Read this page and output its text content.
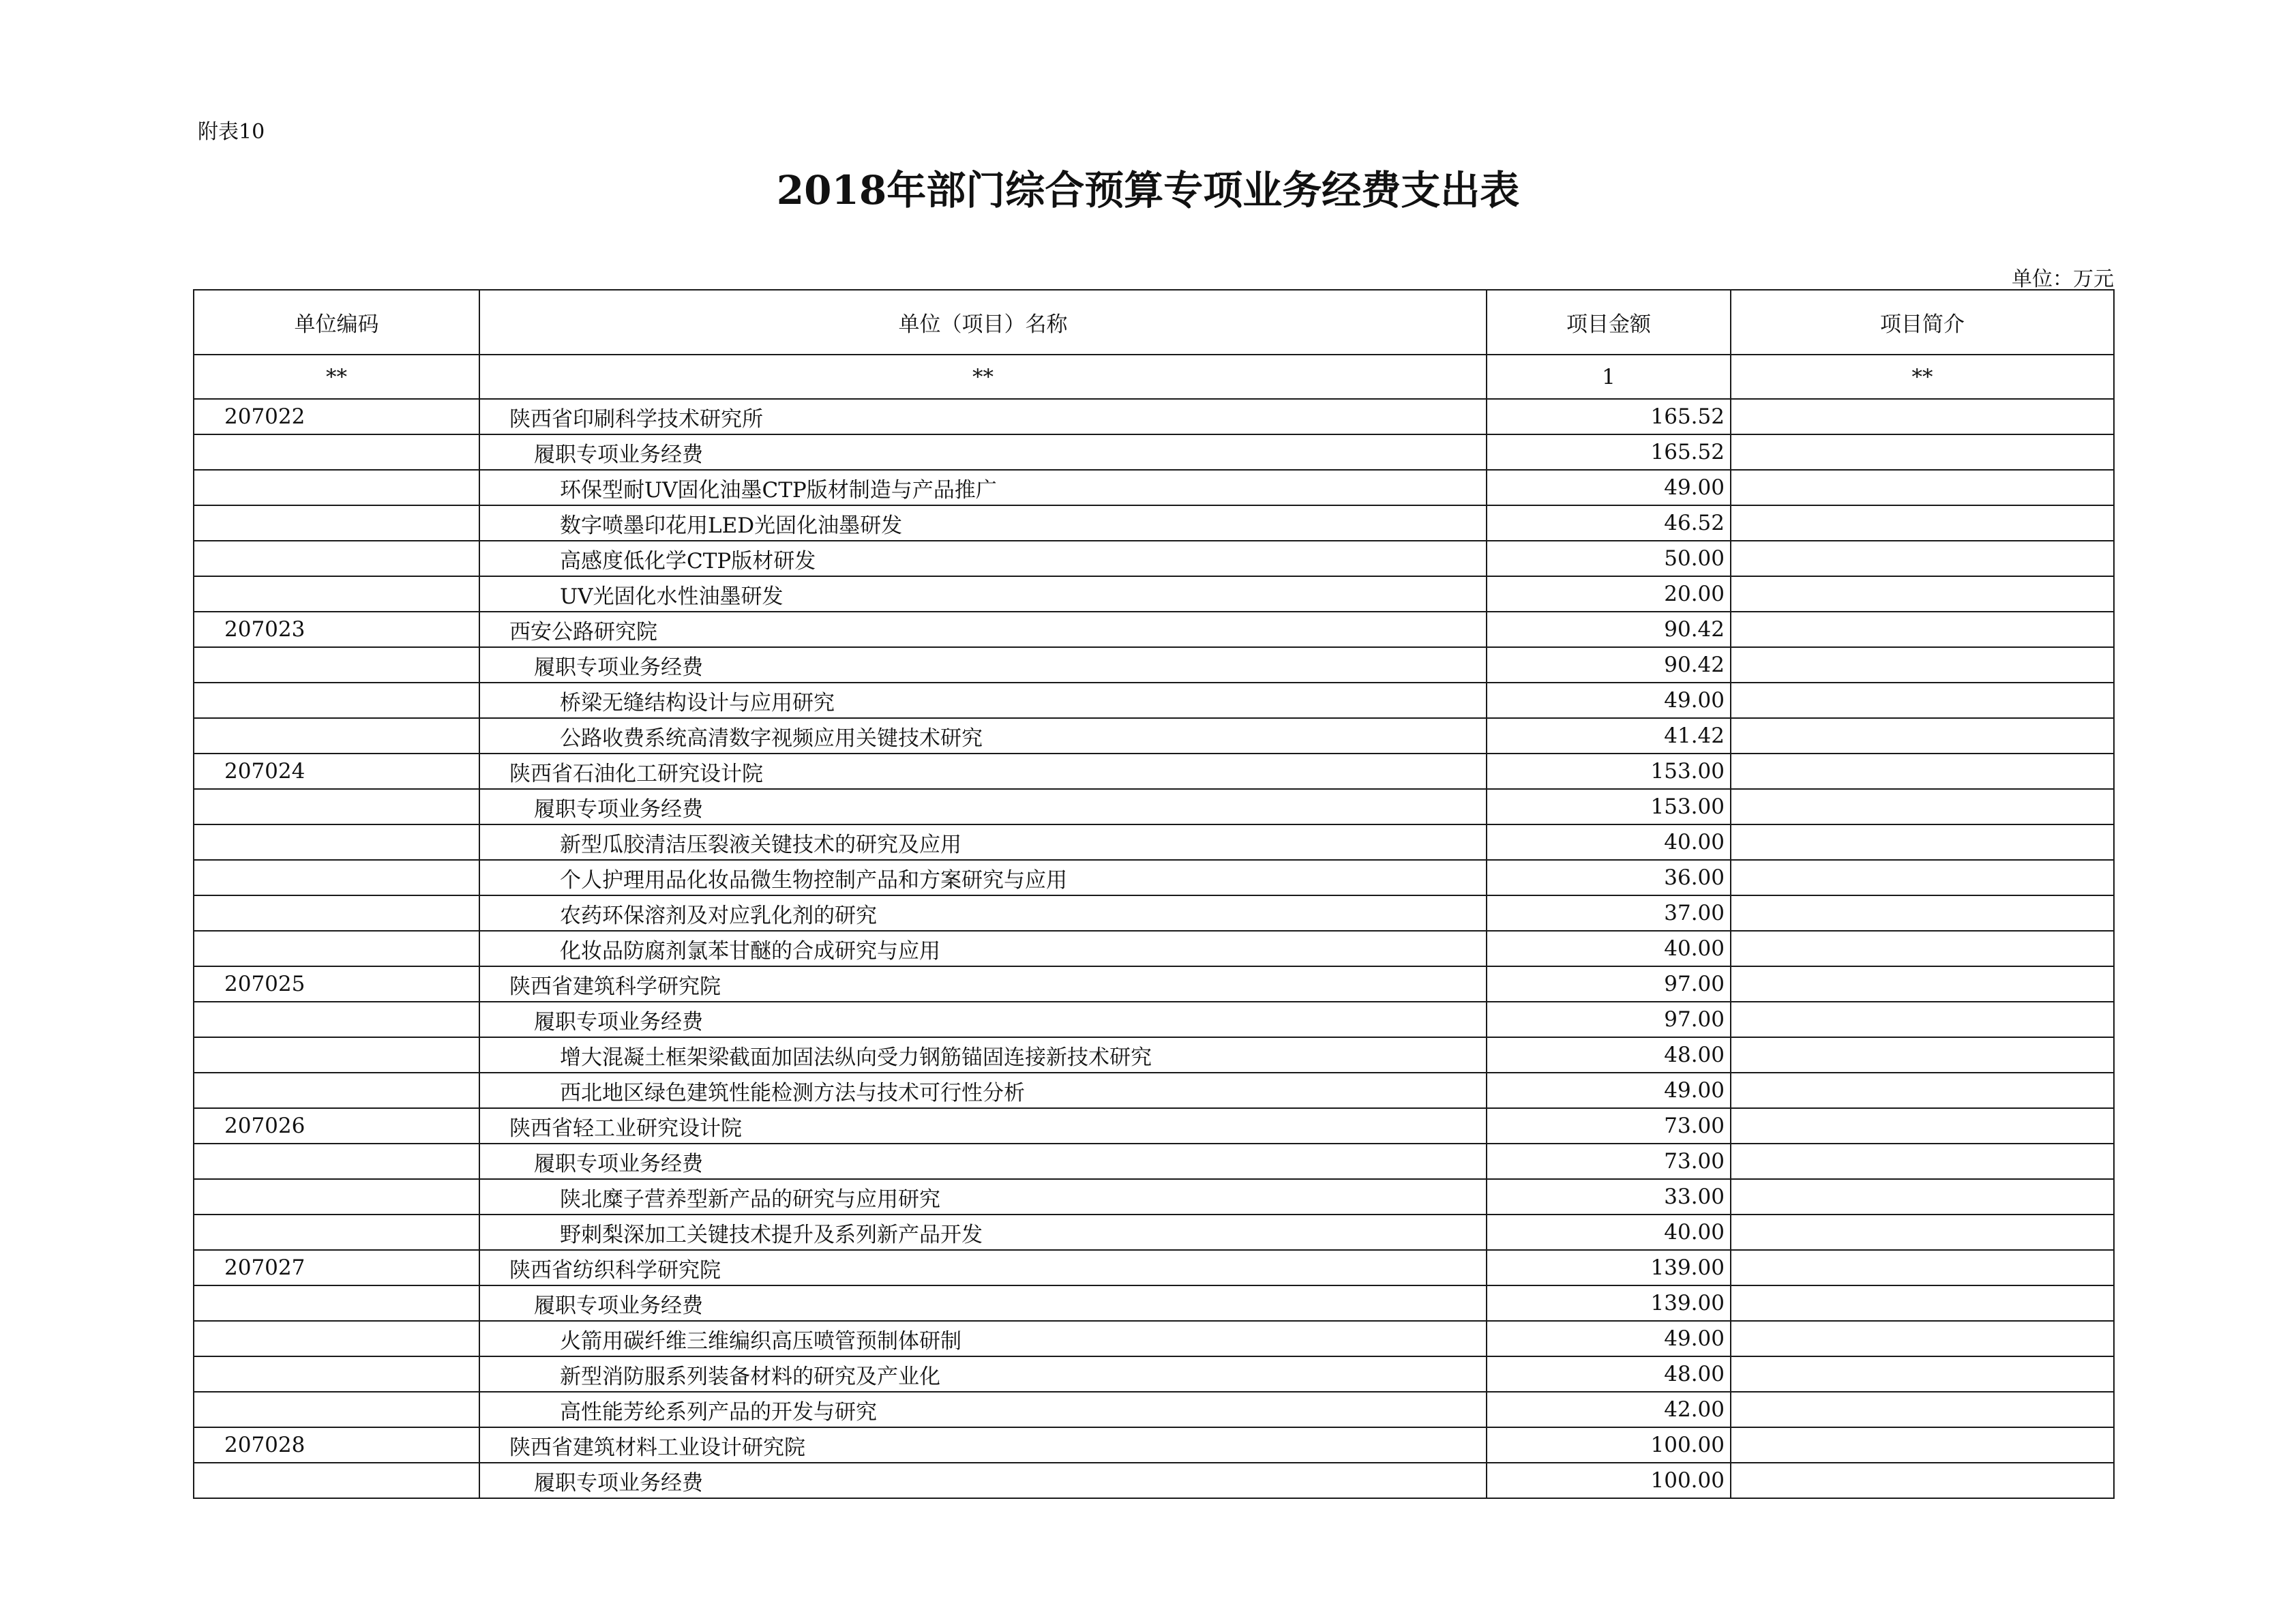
附表10
2018年部门综合预算专项业务经费支出表
单位：万元
单位编码	单位（项目）名称	项目金额	项目简介
**	**	1	**
207022	陕西省印刷科学技术研究所	165.52	
	履职专项业务经费	165.52	
	环保型耐UV固化油墨CTP版材制造与产品推广	49.00	
	数字喷墨印花用LED光固化油墨研发	46.52	
	高感度低化学CTP版材研发	50.00	
	UV光固化水性油墨研发	20.00	
207023	西安公路研究院	90.42	
	履职专项业务经费	90.42	
	桥梁无缝结构设计与应用研究	49.00	
	公路收费系统高清数字视频应用关键技术研究	41.42	
207024	陕西省石油化工研究设计院	153.00	
	履职专项业务经费	153.00	
	新型瓜胶清洁压裂液关键技术的研究及应用	40.00	
	个人护理用品化妆品微生物控制产品和方案研究与应用	36.00	
	农药环保溶剂及对应乳化剂的研究	37.00	
	化妆品防腐剂氯苯甘醚的合成研究与应用	40.00	
207025	陕西省建筑科学研究院	97.00	
	履职专项业务经费	97.00	
	增大混凝土框架梁截面加固法纵向受力钢筋锚固连接新技术研究	48.00	
	西北地区绿色建筑性能检测方法与技术可行性分析	49.00	
207026	陕西省轻工业研究设计院	73.00	
	履职专项业务经费	73.00	
	陕北糜子营养型新产品的研究与应用研究	33.00	
	野刺梨深加工关键技术提升及系列新产品开发	40.00	
207027	陕西省纺织科学研究院	139.00	
	履职专项业务经费	139.00	
	火箭用碳纤维三维编织高压喷管预制体研制	49.00	
	新型消防服系列装备材料的研究及产业化	48.00	
	高性能芳纶系列产品的开发与研究	42.00	
207028	陕西省建筑材料工业设计研究院	100.00	
	履职专项业务经费	100.00	
